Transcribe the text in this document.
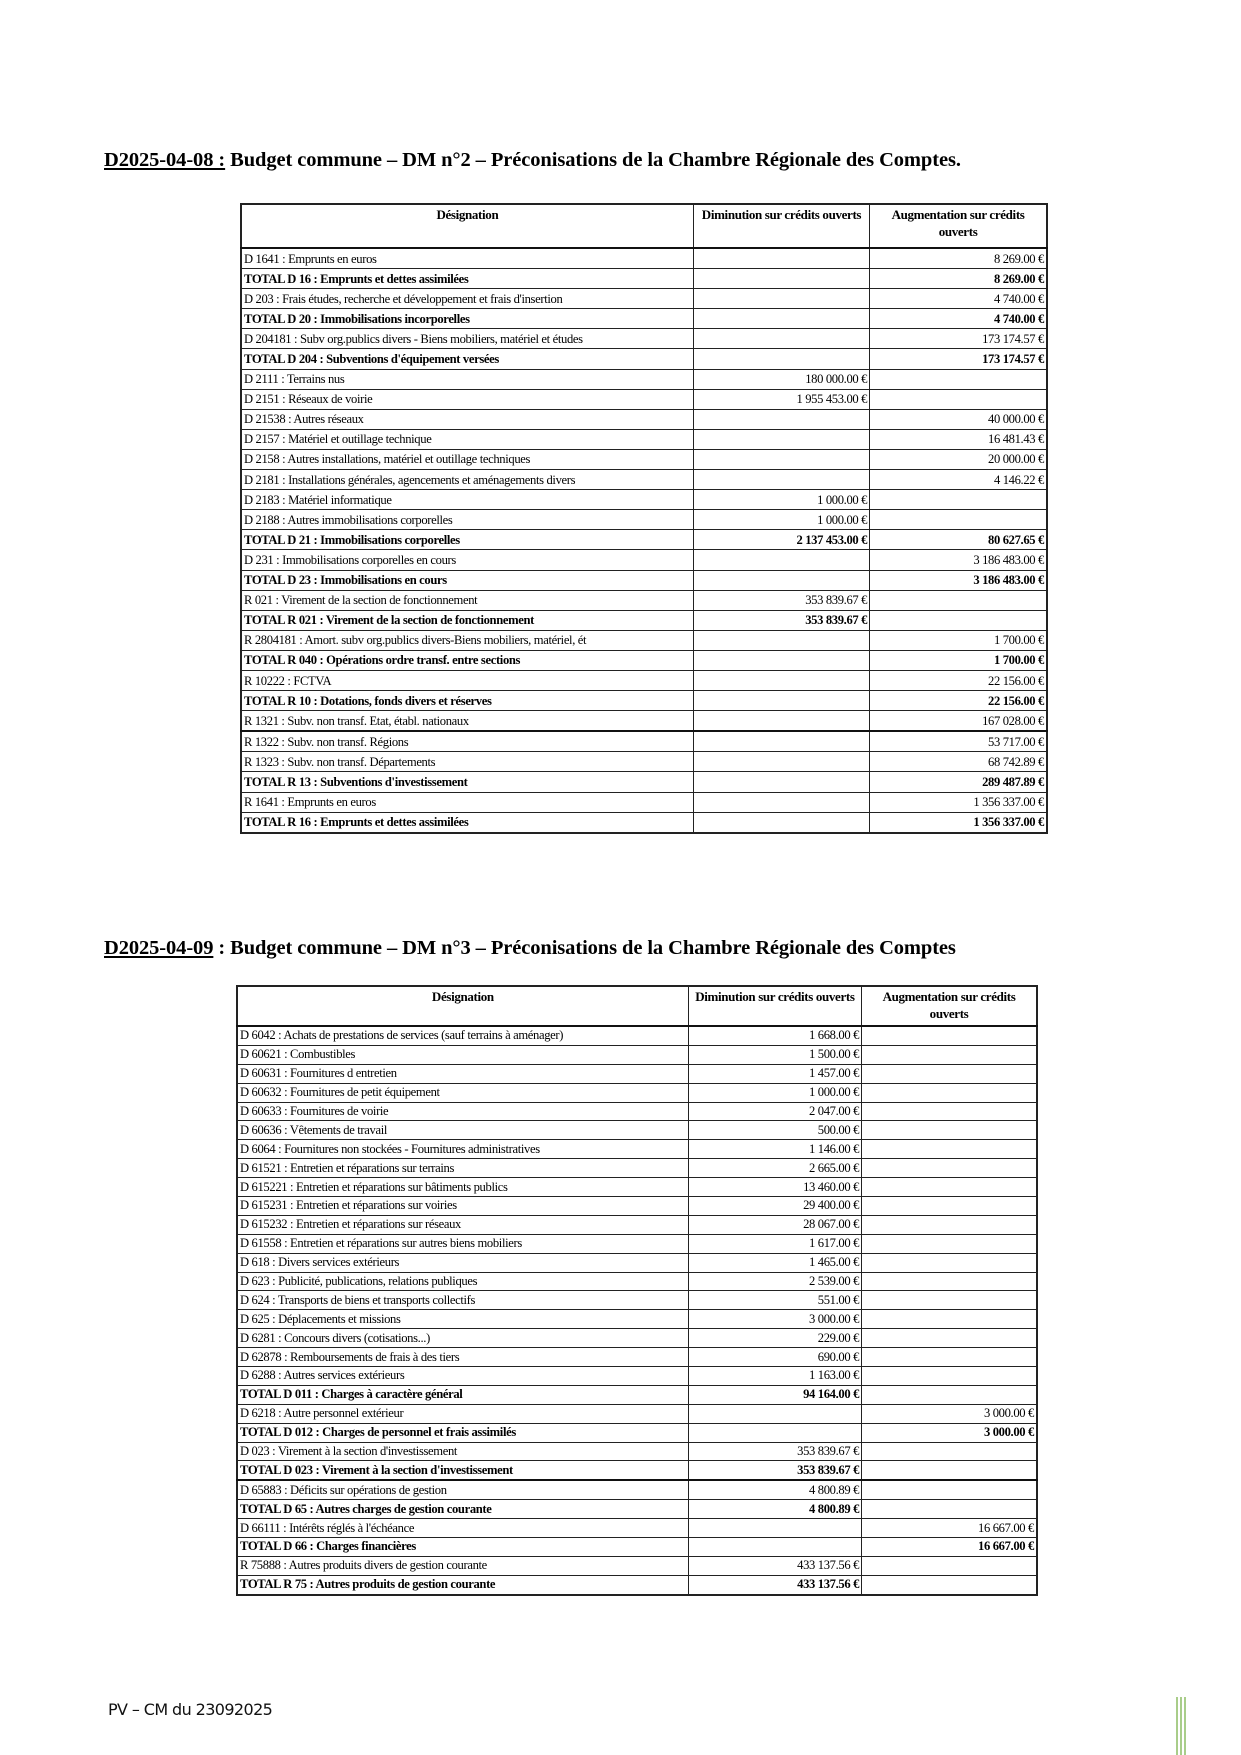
D2025-04-08 : Budget commune – DM n°2 – Préconisations de la Chambre Régionale des Comptes.
Désignation	Diminution sur crédits ouverts	Augmentation sur crédits ouverts
D 1641 : Emprunts en euros		8 269.00 €
TOTAL D 16 : Emprunts et dettes assimilées		8 269.00 €
D 203 : Frais études, recherche et développement et frais d'insertion		4 740.00 €
TOTAL D 20 : Immobilisations incorporelles		4 740.00 €
D 204181 : Subv org.publics divers - Biens mobiliers, matériel et études		173 174.57 €
TOTAL D 204 : Subventions d'équipement versées		173 174.57 €
D 2111 : Terrains nus	180 000.00 €	
D 2151 : Réseaux de voirie	1 955 453.00 €	
D 21538 : Autres réseaux		40 000.00 €
D 2157 : Matériel et outillage technique		16 481.43 €
D 2158 : Autres installations, matériel et outillage techniques		20 000.00 €
D 2181 : Installations générales, agencements et aménagements divers		4 146.22 €
D 2183 : Matériel informatique	1 000.00 €	
D 2188 : Autres immobilisations corporelles	1 000.00 €	
TOTAL D 21 : Immobilisations corporelles	2 137 453.00 €	80 627.65 €
D 231 : Immobilisations corporelles en cours		3 186 483.00 €
TOTAL D 23 : Immobilisations en cours		3 186 483.00 €
R 021 : Virement de la section de fonctionnement	353 839.67 €	
TOTAL R 021 : Virement de la section de fonctionnement	353 839.67 €	
R 2804181 : Amort. subv org.publics divers-Biens mobiliers, matériel, ét		1 700.00 €
TOTAL R 040 : Opérations ordre transf. entre sections		1 700.00 €
R 10222 : FCTVA		22 156.00 €
TOTAL R 10 : Dotations, fonds divers et réserves		22 156.00 €
R 1321 : Subv. non transf. Etat, établ. nationaux		167 028.00 €
R 1322 : Subv. non transf. Régions		53 717.00 €
R 1323 : Subv. non transf. Départements		68 742.89 €
TOTAL R 13 : Subventions d'investissement		289 487.89 €
R 1641 : Emprunts en euros		1 356 337.00 €
TOTAL R 16 : Emprunts et dettes assimilées		1 356 337.00 €
D2025-04-09 : Budget commune – DM n°3 – Préconisations de la Chambre Régionale des Comptes
Désignation	Diminution sur crédits ouverts	Augmentation sur crédits ouverts
D 6042 : Achats de prestations de services (sauf terrains à aménager)	1 668.00 €	
D 60621 : Combustibles	1 500.00 €	
D 60631 : Fournitures d entretien	1 457.00 €	
D 60632 : Fournitures de petit équipement	1 000.00 €	
D 60633 : Fournitures de voirie	2 047.00 €	
D 60636 : Vêtements de travail	500.00 €	
D 6064 : Fournitures non stockées - Fournitures administratives	1 146.00 €	
D 61521 : Entretien et réparations sur terrains	2 665.00 €	
D 615221 : Entretien et réparations sur bâtiments publics	13 460.00 €	
D 615231 : Entretien et réparations sur voiries	29 400.00 €	
D 615232 : Entretien et réparations sur réseaux	28 067.00 €	
D 61558 : Entretien et réparations sur autres biens mobiliers	1 617.00 €	
D 618 : Divers services extérieurs	1 465.00 €	
D 623 : Publicité, publications, relations publiques	2 539.00 €	
D 624 : Transports de biens et transports collectifs	551.00 €	
D 625 : Déplacements et missions	3 000.00 €	
D 6281 : Concours divers (cotisations...)	229.00 €	
D 62878 : Remboursements de frais à des tiers	690.00 €	
D 6288 : Autres services extérieurs	1 163.00 €	
TOTAL D 011 : Charges à caractère général	94 164.00 €	
D 6218 : Autre personnel extérieur		3 000.00 €
TOTAL D 012 : Charges de personnel et frais assimilés		3 000.00 €
D 023 : Virement à la section d'investissement	353 839.67 €	
TOTAL D 023 : Virement à la section d'investissement	353 839.67 €	
D 65883 : Déficits sur opérations de gestion	4 800.89 €	
TOTAL D 65 : Autres charges de gestion courante	4 800.89 €	
D 66111 : Intérêts réglés à l'échéance		16 667.00 €
TOTAL D 66 : Charges financières		16 667.00 €
R 75888 : Autres produits divers de gestion courante	433 137.56 €	
TOTAL R 75 : Autres produits de gestion courante	433 137.56 €	
PV – CM du 23092025
